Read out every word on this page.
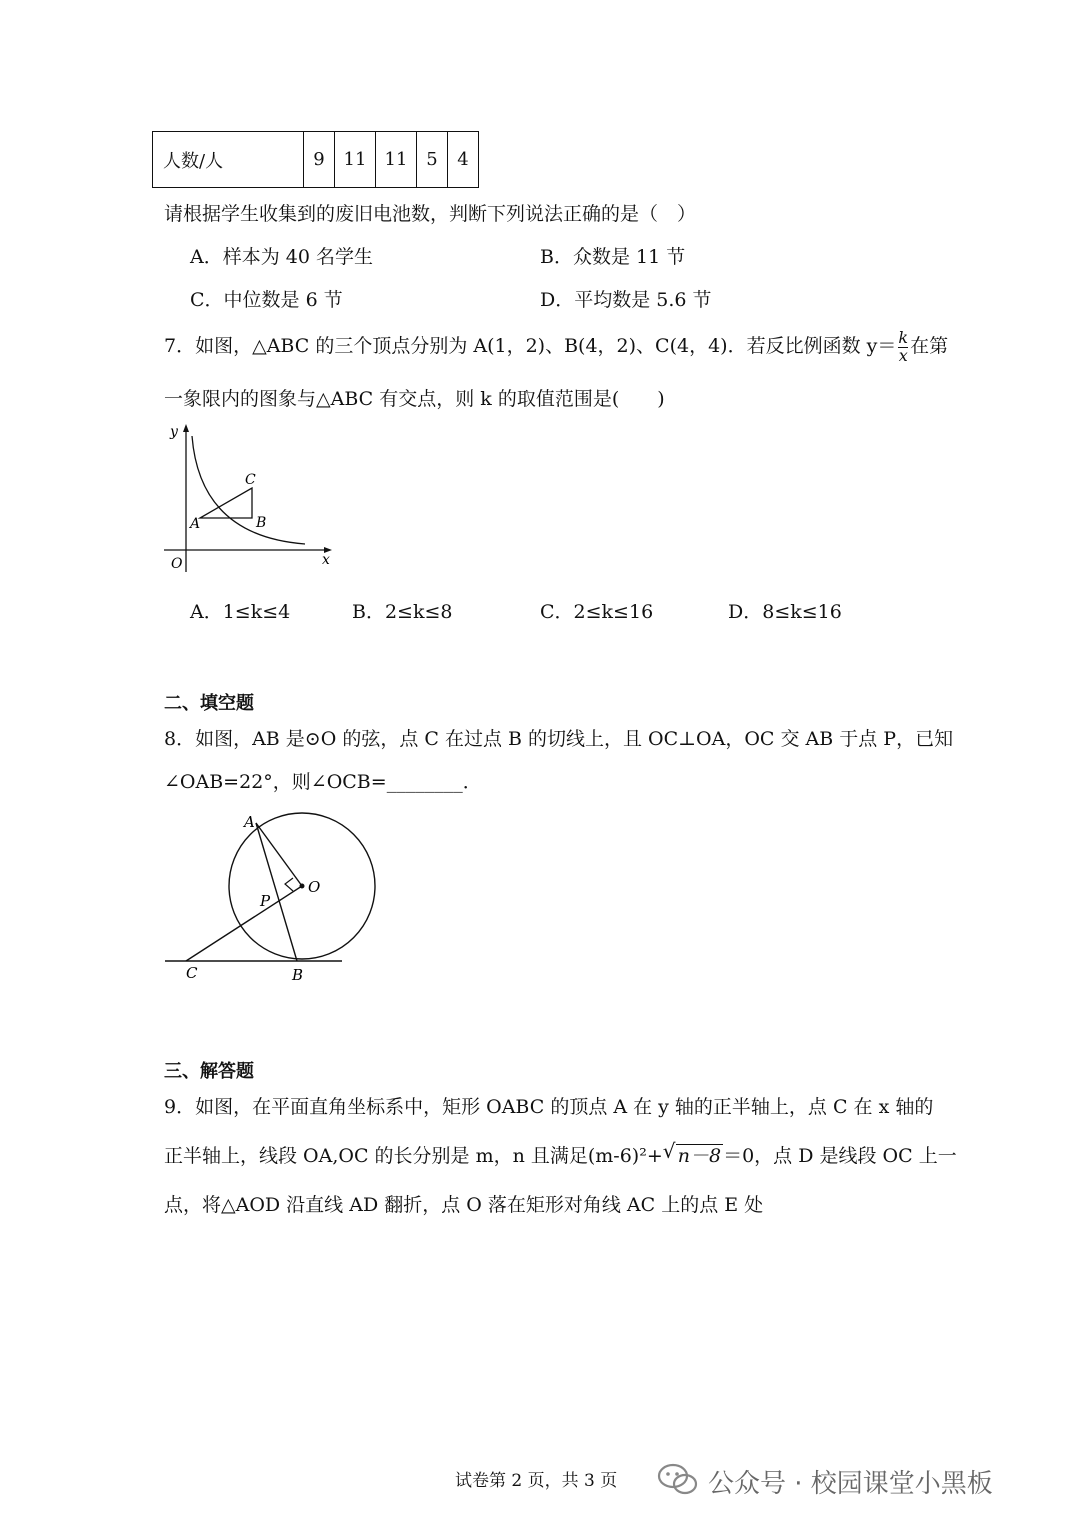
人数/人	9	11	11	5	4
请根据学生收集到的废旧电池数，判断下列说法正确的是（　）
A．样本为 40 名学生	B．众数是 11 节
C．中位数是 6 节	D．平均数是 5.6 节
7．如图，△ABC 的三个顶点分别为 A(1，2)、B(4，2)、C(4，4)．若反比例函数 $y= \frac{k}{x}$ 在第
一象限内的图象与△ABC 有交点，则 k 的取值范围是(　　)
y
x
O
A	B
C
A．1≤k≤4	B．2≤k≤8	C．2≤k≤16	D．8≤k≤16
二、填空题
8．如图，AB 是⊙O 的弦，点 C 在过点 B 的切线上，且 OC⊥OA，OC 交 AB 于点 P，已知
∠OAB=22°，则∠OCB=________．
A
O
P
C	B
三、解答题
9．如图，在平面直角坐标系中，矩形 OABC 的顶点 A 在 y 轴的正半轴上，点 C 在 x 轴的
正半轴上，线段 OA,OC 的长分别是 m，n 且满足(m-6)²+ √ n－8 ＝0，点 D 是线段 OC 上一
点，将△AOD 沿直线 AD 翻折，点 O 落在矩形对角线 AC 上的点 E 处
试卷第 2 页，共 3 页	公众号 · 校园课堂小黑板
